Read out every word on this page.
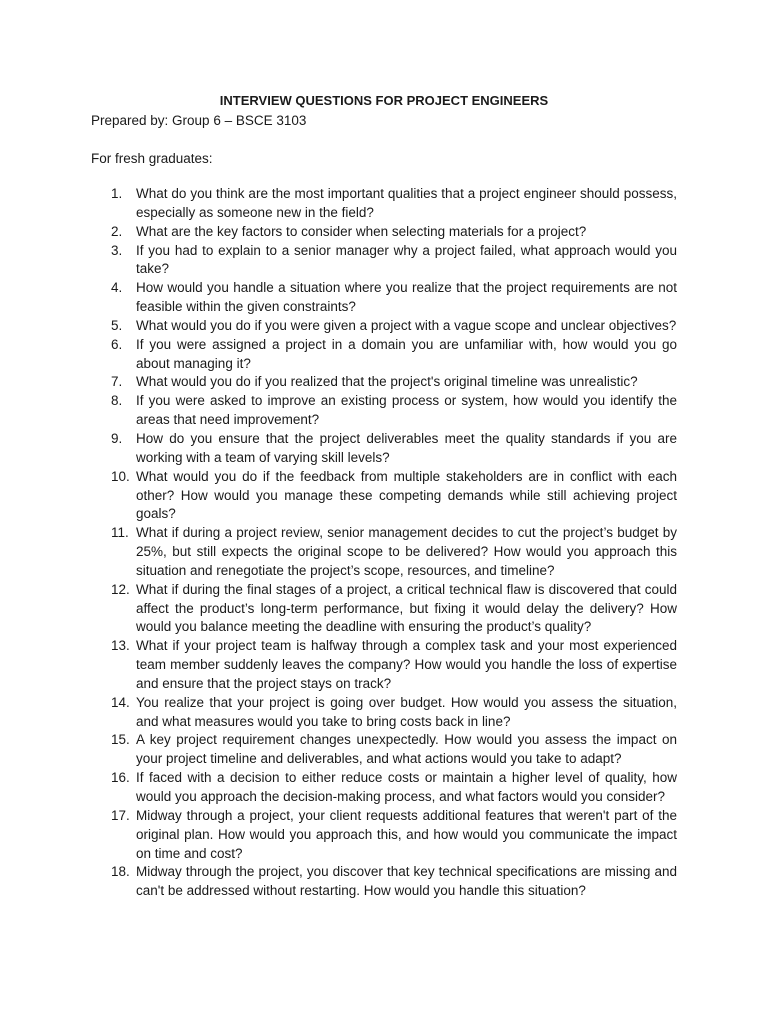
INTERVIEW QUESTIONS FOR PROJECT ENGINEERS
Prepared by: Group 6 – BSCE 3103
For fresh graduates:
1.	What do you think are the most important qualities that a project engineer should possess, especially as someone new in the field?
2.	What are the key factors to consider when selecting materials for a project?
3.	If you had to explain to a senior manager why a project failed, what approach would you take?
4.	How would you handle a situation where you realize that the project requirements are not feasible within the given constraints?
5.	What would you do if you were given a project with a vague scope and unclear objectives?
6.	If you were assigned a project in a domain you are unfamiliar with, how would you go about managing it?
7.	What would you do if you realized that the project's original timeline was unrealistic?
8.	If you were asked to improve an existing process or system, how would you identify the areas that need improvement?
9.	How do you ensure that the project deliverables meet the quality standards if you are working with a team of varying skill levels?
10. What would you do if the feedback from multiple stakeholders are in conflict with each other? How would you manage these competing demands while still achieving project goals?
11. What if during a project review, senior management decides to cut the project’s budget by 25%, but still expects the original scope to be delivered? How would you approach this situation and renegotiate the project’s scope, resources, and timeline?
12. What if during the final stages of a project, a critical technical flaw is discovered that could affect the product’s long-term performance, but fixing it would delay the delivery? How would you balance meeting the deadline with ensuring the product’s quality?
13. What if your project team is halfway through a complex task and your most experienced team member suddenly leaves the company? How would you handle the loss of expertise and ensure that the project stays on track?
14. You realize that your project is going over budget. How would you assess the situation, and what measures would you take to bring costs back in line?
15. A key project requirement changes unexpectedly. How would you assess the impact on your project timeline and deliverables, and what actions would you take to adapt?
16. If faced with a decision to either reduce costs or maintain a higher level of quality, how would you approach the decision-making process, and what factors would you consider?
17. Midway through a project, your client requests additional features that weren't part of the original plan. How would you approach this, and how would you communicate the impact on time and cost?
18. Midway through the project, you discover that key technical specifications are missing and can't be addressed without restarting. How would you handle this situation?
